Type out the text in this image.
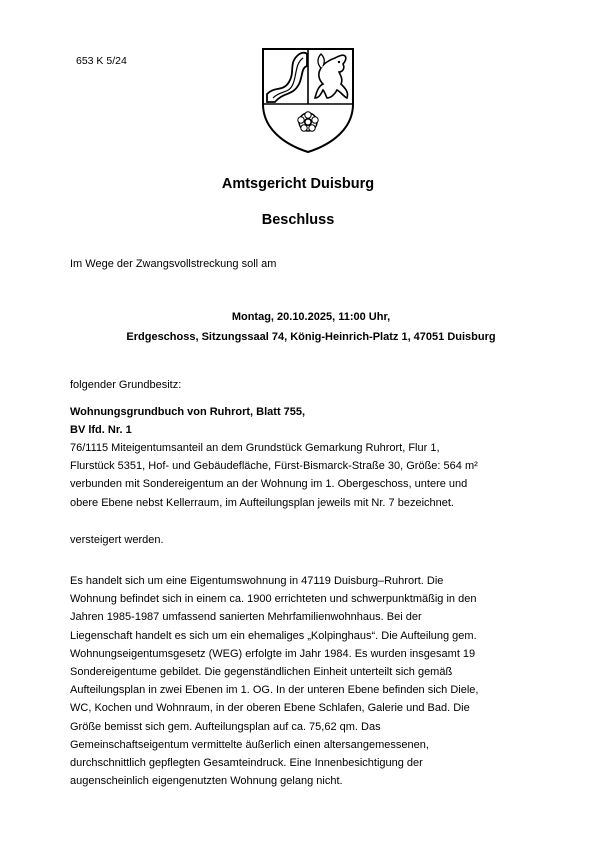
653 K 5/24
Amtsgericht Duisburg
Beschluss

Im Wege der Zwangsvollstreckung soll am

Montag, 20.10.2025, 11:00 Uhr,
Erdgeschoss, Sitzungssaal 74, König-Heinrich-Platz 1, 47051 Duisburg

folgender Grundbesitz:

Wohnungsgrundbuch von Ruhrort, Blatt 755,

BV lfd. Nr. 1

76/1115 Miteigentumsanteil an dem Grundstück Gemarkung Ruhrort, Flur 1,
Flurstück 5351, Hof- und Gebäudefläche, Fürst-Bismarck-Straße 30, Größe: 564 m²
verbunden mit Sondereigentum an der Wohnung im 1. Obergeschoss, untere und
obere Ebene nebst Kellerraum, im Aufteilungsplan jeweils mit Nr. 7 bezeichnet.

versteigert werden.

Es handelt sich um eine Eigentumswohnung in 47119 Duisburg–Ruhrort. Die
Wohnung befindet sich in einem ca. 1900 errichteten und schwerpunktmäßig in den
Jahren 1985-1987 umfassend sanierten Mehrfamilienwohnhaus. Bei der
Liegenschaft handelt es sich um ein ehemaliges „Kolpinghaus“. Die Aufteilung gem.
Wohnungseigentumsgesetz (WEG) erfolgte im Jahr 1984. Es wurden insgesamt 19
Sondereigentume gebildet. Die gegenständlichen Einheit unterteilt sich gemäß
Aufteilungsplan in zwei Ebenen im 1. OG. In der unteren Ebene befinden sich Diele,
WC, Kochen und Wohnraum, in der oberen Ebene Schlafen, Galerie und Bad. Die
Größe bemisst sich gem. Aufteilungsplan auf ca. 75,62 qm. Das
Gemeinschaftseigentum vermittelte äußerlich einen altersangemessenen,
durchschnittlich gepflegten Gesamteindruck. Eine Innenbesichtigung der
augenscheinlich eigengenutzten Wohnung gelang nicht.
